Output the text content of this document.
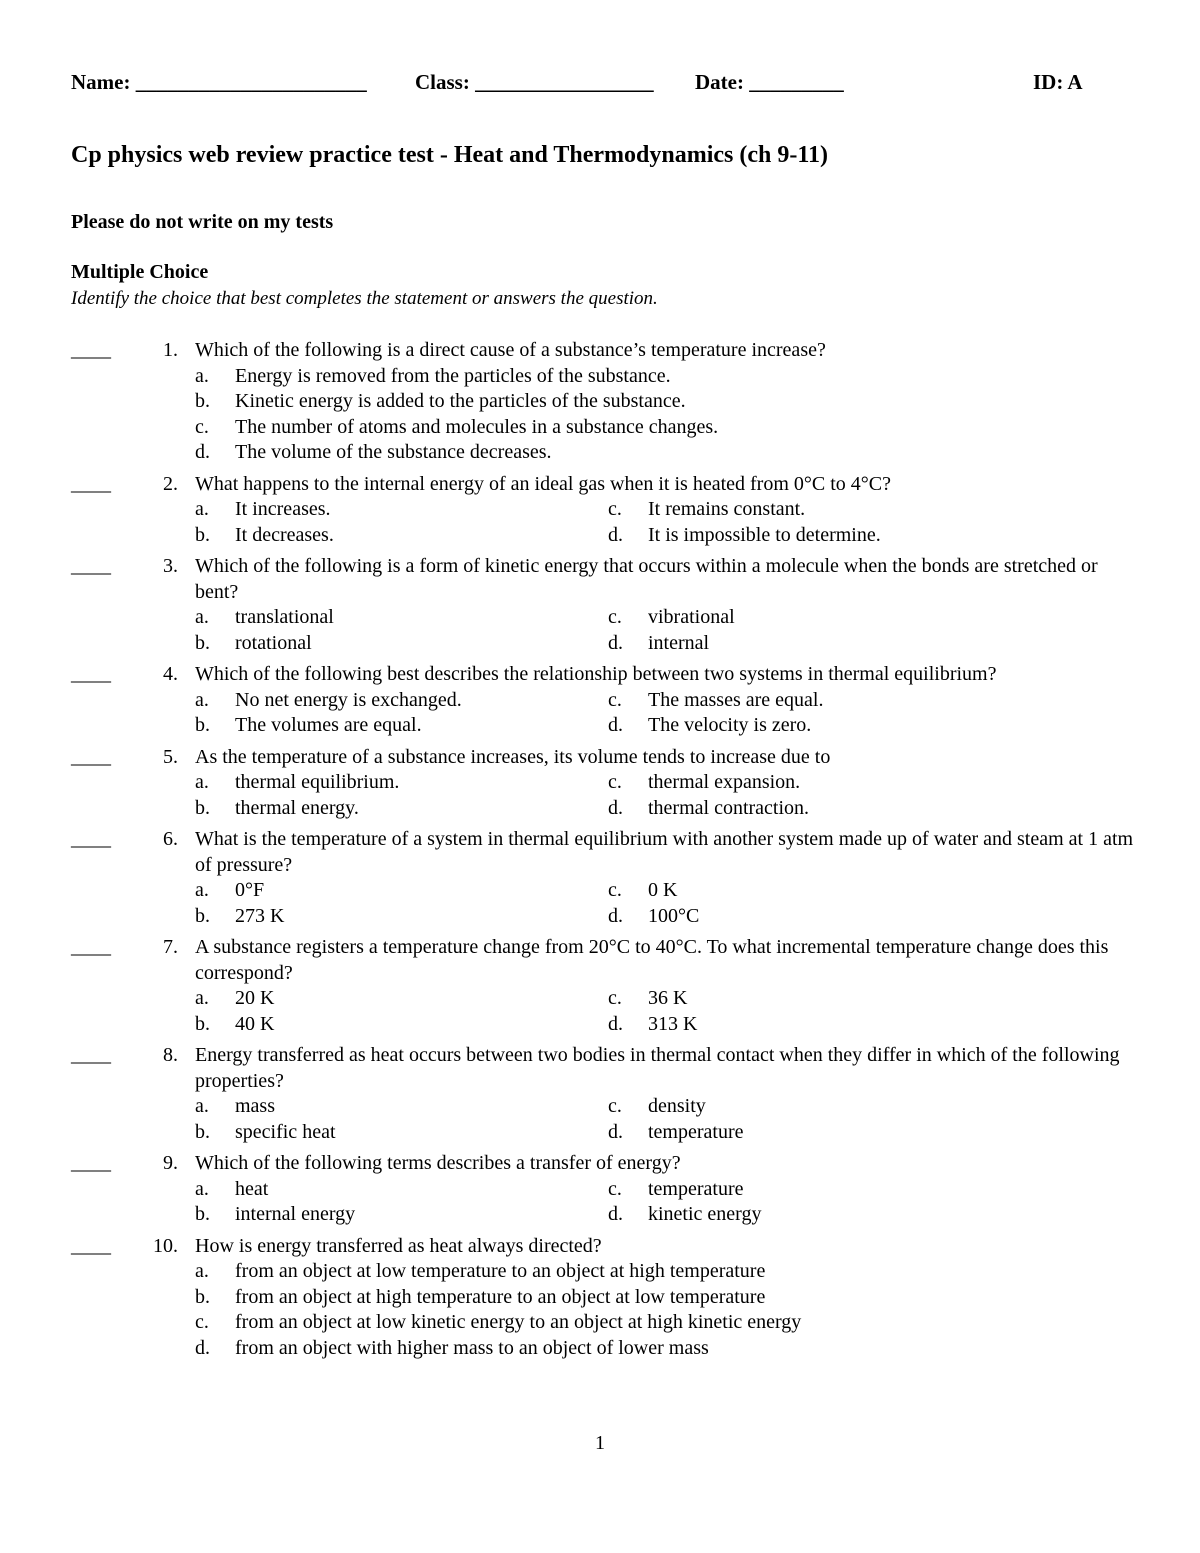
Name: ______________________ Class: _________________ Date: _________	ID: A
Cp physics web review practice test - Heat and Thermodynamics (ch 9-11)
Please do not write on my tests
Multiple Choice
Identify the choice that best completes the statement or answers the question.
____	1. Which of the following is a direct cause of a substance’s temperature increase?
a. Energy is removed from the particles of the substance.
b. Kinetic energy is added to the particles of the substance.
c. The number of atoms and molecules in a substance changes.
d. The volume of the substance decreases.
____	2. What happens to the internal energy of an ideal gas when it is heated from 0°C to 4°C?
a. It increases.
b. It decreases.
c. It remains constant.
d. It is impossible to determine.
____	3. Which of the following is a form of kinetic energy that occurs within a molecule when the bonds are stretched or bent?
a. translational
b. rotational
c. vibrational
d. internal
____	4. Which of the following best describes the relationship between two systems in thermal equilibrium?
a. No net energy is exchanged.
b. The volumes are equal.
c. The masses are equal.
d. The velocity is zero.
____	5. As the temperature of a substance increases, its volume tends to increase due to
a. thermal equilibrium.
b. thermal energy.
c. thermal expansion.
d. thermal contraction.
____	6. What is the temperature of a system in thermal equilibrium with another system made up of water and steam at 1 atm of pressure?
a. 0°F
b. 273 K
c. 0 K
d. 100°C
____	7. A substance registers a temperature change from 20°C to 40°C. To what incremental temperature change does this correspond?
a. 20 K
b. 40 K
c. 36 K
d. 313 K
____	8. Energy transferred as heat occurs between two bodies in thermal contact when they differ in which of the following properties?
a. mass
b. specific heat
c. density
d. temperature
____	9. Which of the following terms describes a transfer of energy?
a. heat
b. internal energy
c. temperature
d. kinetic energy
____	10. How is energy transferred as heat always directed?
a. from an object at low temperature to an object at high temperature
b. from an object at high temperature to an object at low temperature
c. from an object at low kinetic energy to an object at high kinetic energy
d. from an object with higher mass to an object of lower mass
1
